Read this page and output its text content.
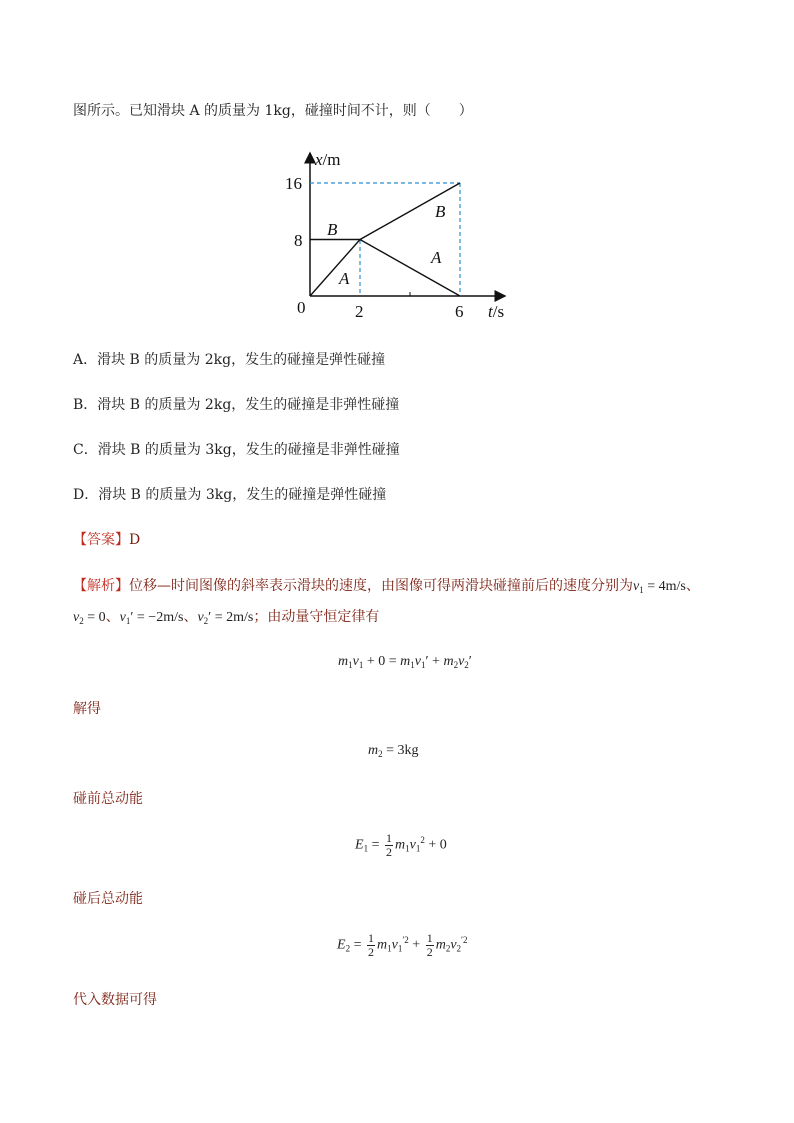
图所示。已知滑块 A 的质量为 1kg，碰撞时间不计，则（　　）
x/m
t/s
0	2	6
8
16
A
B
A
B
A．滑块 B 的质量为 2kg，发生的碰撞是弹性碰撞
B．滑块 B 的质量为 2kg，发生的碰撞是非弹性碰撞
C．滑块 B 的质量为 3kg，发生的碰撞是非弹性碰撞
D．滑块 B 的质量为 3kg，发生的碰撞是弹性碰撞
【答案】D
【解析】位移—时间图像的斜率表示滑块的速度，由图像可得两滑块碰撞前后的速度分别为$v_1 = 4m/s$、
$v_2 = 0$、$v_1' = -2m/s$、$v_2' = 2m/s$；由动量守恒定律有
$m_1v_1 + 0 = m_1v_1' + m_2v_2'$
解得
$m_2 = 3kg$
碰前总动能
$E_1 = \frac{1}{2} m_1v_1^2 + 0$
碰后总动能
$E_2 = \frac{1}{2} m_1v_1^{'2} + \frac{1}{2} m_2v_2^{'2}$
代入数据可得
